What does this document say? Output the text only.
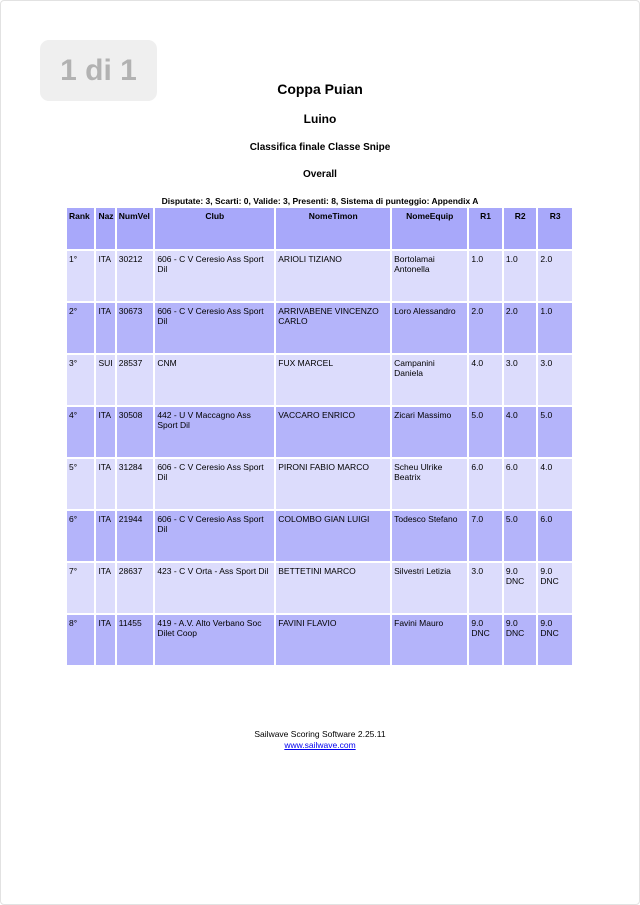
1 di 1
Coppa Puian
Luino
Classifica finale Classe Snipe
Overall
Disputate: 3, Scarti: 0, Valide: 3, Presenti: 8, Sistema di punteggio: Appendix A
Rank	Naz	NumVel	Club	NomeTimon	NomeEquip	R1	R2	R3
1°	ITA	30212	606 - C V Ceresio Ass Sport Dil	ARIOLI TIZIANO	Bortolamai Antonella	1.0	1.0	2.0
2°	ITA	30673	606 - C V Ceresio Ass Sport Dil	ARRIVABENE VINCENZO CARLO	Loro Alessandro	2.0	2.0	1.0
3°	SUI	28537	CNM	FUX MARCEL	Campanini Daniela	4.0	3.0	3.0
4°	ITA	30508	442 - U V Maccagno Ass Sport Dil	VACCARO ENRICO	Zicari Massimo	5.0	4.0	5.0
5°	ITA	31284	606 - C V Ceresio Ass Sport Dil	PIRONI FABIO MARCO	Scheu Ulrike Beatrix	6.0	6.0	4.0
6°	ITA	21944	606 - C V Ceresio Ass Sport Dil	COLOMBO GIAN LUIGI	Todesco Stefano	7.0	5.0	6.0
7°	ITA	28637	423 - C V Orta - Ass Sport Dil	BETTETINI MARCO	Silvestri Letizia	3.0	9.0 DNC	9.0 DNC
8°	ITA	11455	419 - A.V. Alto Verbano Soc Dilet Coop	FAVINI FLAVIO	Favini Mauro	9.0 DNC	9.0 DNC	9.0 DNC
Sailwave Scoring Software 2.25.11
www.sailwave.com
